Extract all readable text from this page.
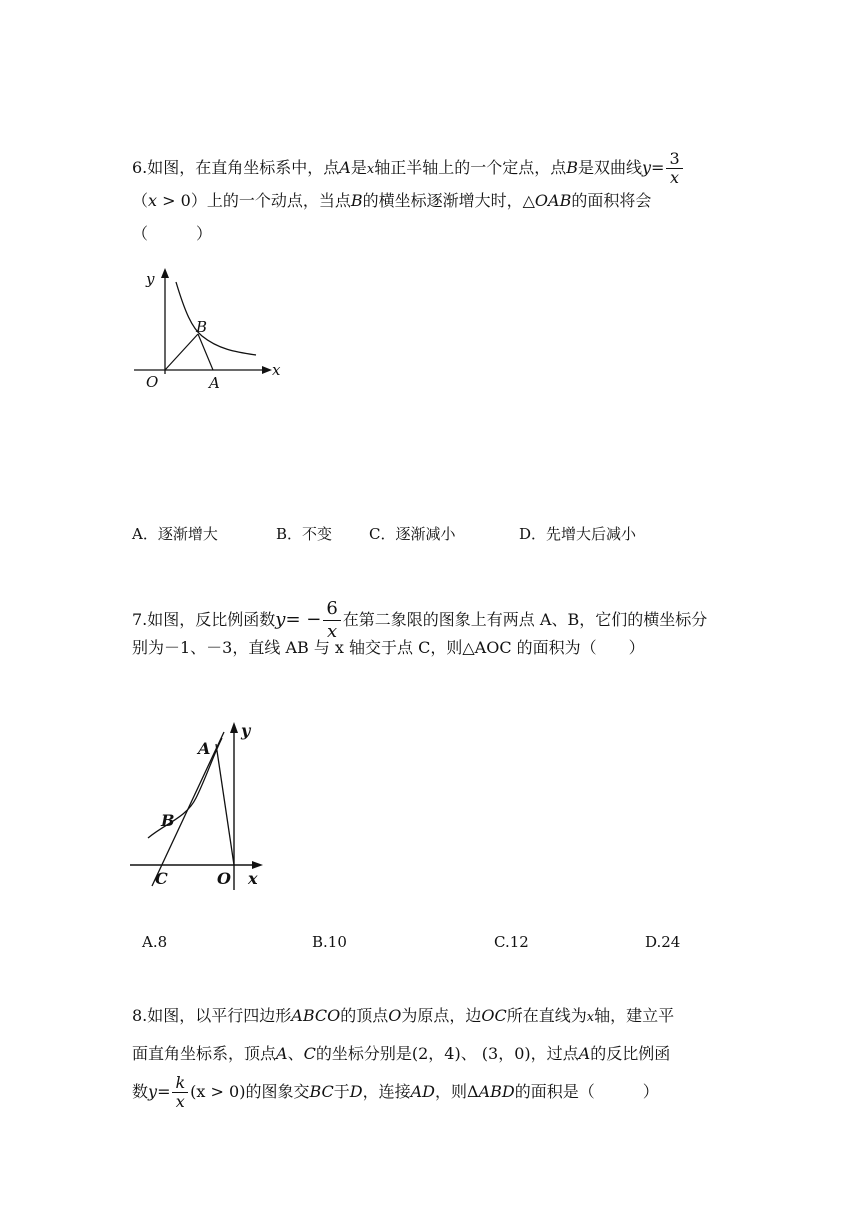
6.如图，在直角坐标系中，点A是x轴正半轴上的一个定点，点B是双曲线$y= \frac{3}{x}$
（x > 0）上的一个动点，当点B的横坐标逐渐增大时，△OAB的面积将会
（　　　）
y
x
O	A
B
A．逐渐增大	B．不变 C．逐渐减小	D．先增大后减小
7.如图，反比例函数$y= - \frac{6}{x}$ 在第二象限的图象上有两点 A、B，它们的横坐标分
别为－1、－3，直线 AB 与 x 轴交于点 C，则△AOC 的面积为（　　）
A
B
C	O
y
x
A.8	B.10	C.12	D.24
8.如图，以平行四边形ABCO的顶点O为原点，边OC所在直线为x轴，建立平
面直角坐标系，顶点A、C的坐标分别是(2，4)、 (3，0)，过点A的反比例函
数$y= \frac{k}{x} (x > 0)$的图象交BC于D，连接AD，则ΔABD的面积是（　　　）
